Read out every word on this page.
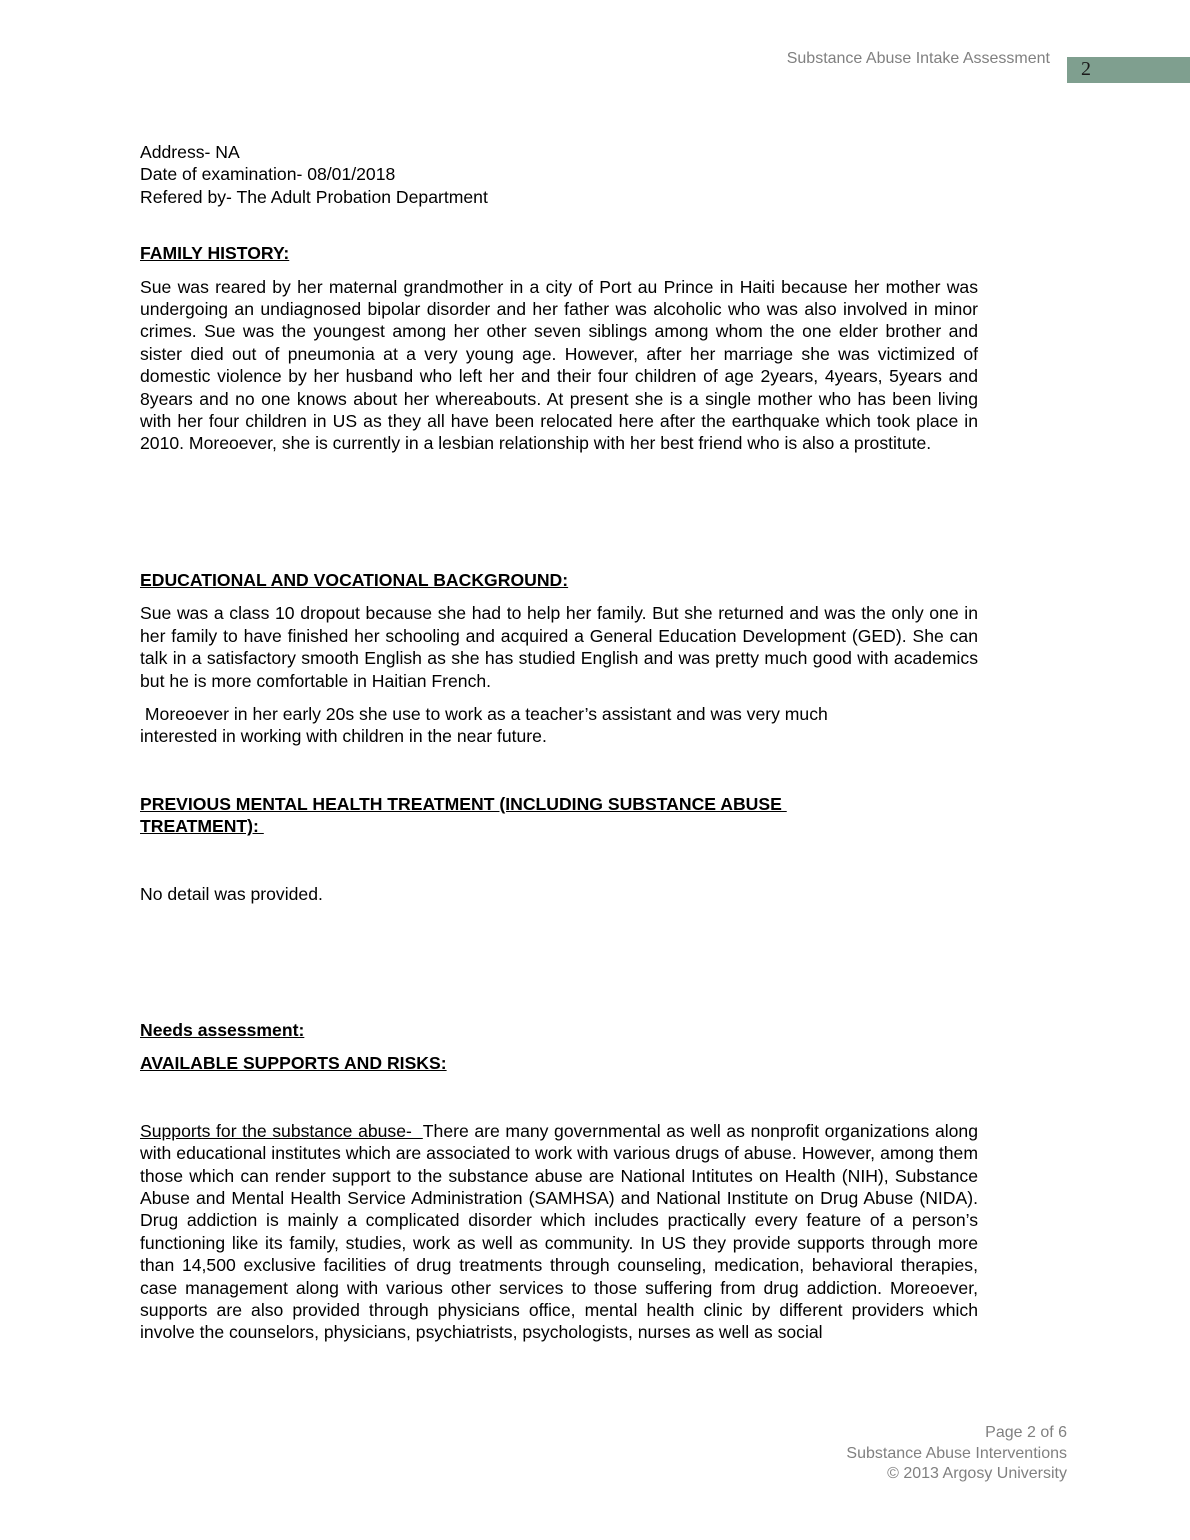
Substance Abuse Intake Assessment 2

Address- NA

Date of examination- 08/01/2018

Refered by- The Adult Probation Department

FAMILY HISTORY:

Sue was reared by her maternal grandmother in a city of Port au Prince in Haiti because her mother was undergoing an undiagnosed bipolar disorder and her father was alcoholic who was also involved in minor crimes. Sue was the youngest among her other seven siblings among whom the one elder brother and sister died out of pneumonia at a very young age. However, after her marriage she was victimized of domestic violence by her husband who left her and their four children of age 2years, 4years, 5years and 8years and no one knows about her whereabouts. At present she is a single mother who has been living with her four children in US as they all have been relocated here after the earthquake which took place in 2010. Moreoever, she is currently in a lesbian relationship with her best friend who is also a prostitute.

EDUCATIONAL AND VOCATIONAL BACKGROUND:

Sue was a class 10 dropout because she had to help her family. But she returned and was the only one in her family to have finished her schooling and acquired a General Education Development (GED). She can talk in a satisfactory smooth English as she has studied English and was pretty much good with academics but he is more comfortable in Haitian French.

Moreoever in her early 20s she use to work as a teacher’s assistant and was very much

interested in working with children in the near future.

PREVIOUS MENTAL HEALTH TREATMENT (INCLUDING SUBSTANCE ABUSE

TREATMENT):

No detail was provided.

Needs assessment:

AVAILABLE SUPPORTS AND RISKS:

Supports for the substance abuse-  There are many governmental as well as nonprofit organizations along with educational institutes which are associated to work with various drugs of abuse. However, among them those which can render support to the substance abuse are National Intitutes on Health (NIH), Substance Abuse and Mental Health Service Administration (SAMHSA) and National Institute on Drug Abuse (NIDA). Drug addiction is mainly a complicated disorder which includes practically every feature of a person’s functioning like its family, studies, work as well as community. In US they provide supports through more than 14,500 exclusive facilities of drug treatments through counseling, medication, behavioral therapies, case management along with various other services to those suffering from drug addiction. Moreoever, supports are also provided through physicians office, mental health clinic by different providers which involve the counselors, physicians, psychiatrists, psychologists, nurses as well as social

Page 2 of 6
Substance Abuse Interventions
© 2013 Argosy University
